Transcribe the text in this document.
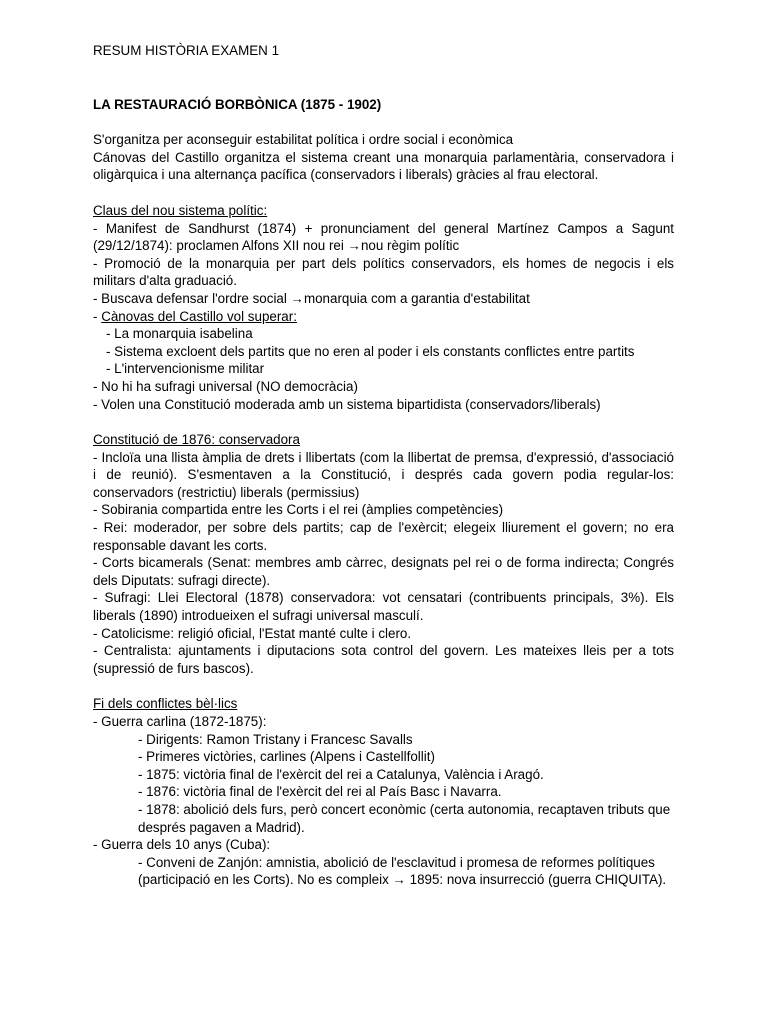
RESUM HISTÒRIA EXAMEN 1

LA RESTAURACIÓ BORBÒNICA (1875 - 1902)

S'organitza per aconseguir estabilitat política i ordre social i econòmica

Cánovas del Castillo organitza el sistema creant una monarquia parlamentària, conservadora i oligàrquica i una alternança pacífica (conservadors i liberals) gràcies al frau electoral.

Claus del nou sistema polític:

- Manifest de Sandhurst (1874) + pronunciament del general Martínez Campos a Sagunt (29/12/1874): proclamen Alfons XII nou rei →nou règim polític

- Promoció de la monarquia per part dels polítics conservadors, els homes de negocis i els militars d'alta graduació.

- Buscava defensar l'ordre social →monarquia com a garantia d'estabilitat

- Cànovas del Castillo vol superar:

- La monarquia isabelina

- Sistema excloent dels partits que no eren al poder i els constants conflictes entre partits

- L'intervencionisme militar

- No hi ha sufragi universal (NO democràcia)

- Volen una Constitució moderada amb un sistema bipartidista (conservadors/liberals)

Constitució de 1876: conservadora

- Incloïa una llista àmplia de drets i llibertats (com la llibertat de premsa, d'expressió, d'associació i de reunió). S'esmentaven a la Constitució, i després cada govern podia regular-los: conservadors (restrictiu) liberals (permissius)

- Sobirania compartida entre les Corts i el rei (àmplies competències)

- Rei: moderador, per sobre dels partits; cap de l'exèrcit; elegeix lliurement el govern; no era responsable davant les corts.

- Corts bicamerals (Senat: membres amb càrrec, designats pel rei o de forma indirecta; Congrés dels Diputats: sufragi directe).

- Sufragi: Llei Electoral (1878) conservadora: vot censatari (contribuents principals, 3%). Els liberals (1890) introdueixen el sufragi universal masculí.

- Catolicisme: religió oficial, l'Estat manté culte i clero.

- Centralista: ajuntaments i diputacions sota control del govern. Les mateixes lleis per a tots (supressió de furs bascos).

Fi dels conflictes bèl·lics

- Guerra carlina (1872-1875):

- Dirigents: Ramon Tristany i Francesc Savalls

- Primeres victòries, carlines (Alpens i Castellfollit)

- 1875: victòria final de l'exèrcit del rei a Catalunya, València i Aragó.

- 1876: victòria final de l'exèrcit del rei al País Basc i Navarra.

- 1878: abolició dels furs, però concert econòmic (certa autonomia, recaptaven tributs que després pagaven a Madrid).

- Guerra dels 10 anys (Cuba):

- Conveni de Zanjón: amnistia, abolició de l'esclavitud i promesa de reformes polítiques (participació en les Corts). No es compleix → 1895: nova insurrecció (guerra CHIQUITA).
